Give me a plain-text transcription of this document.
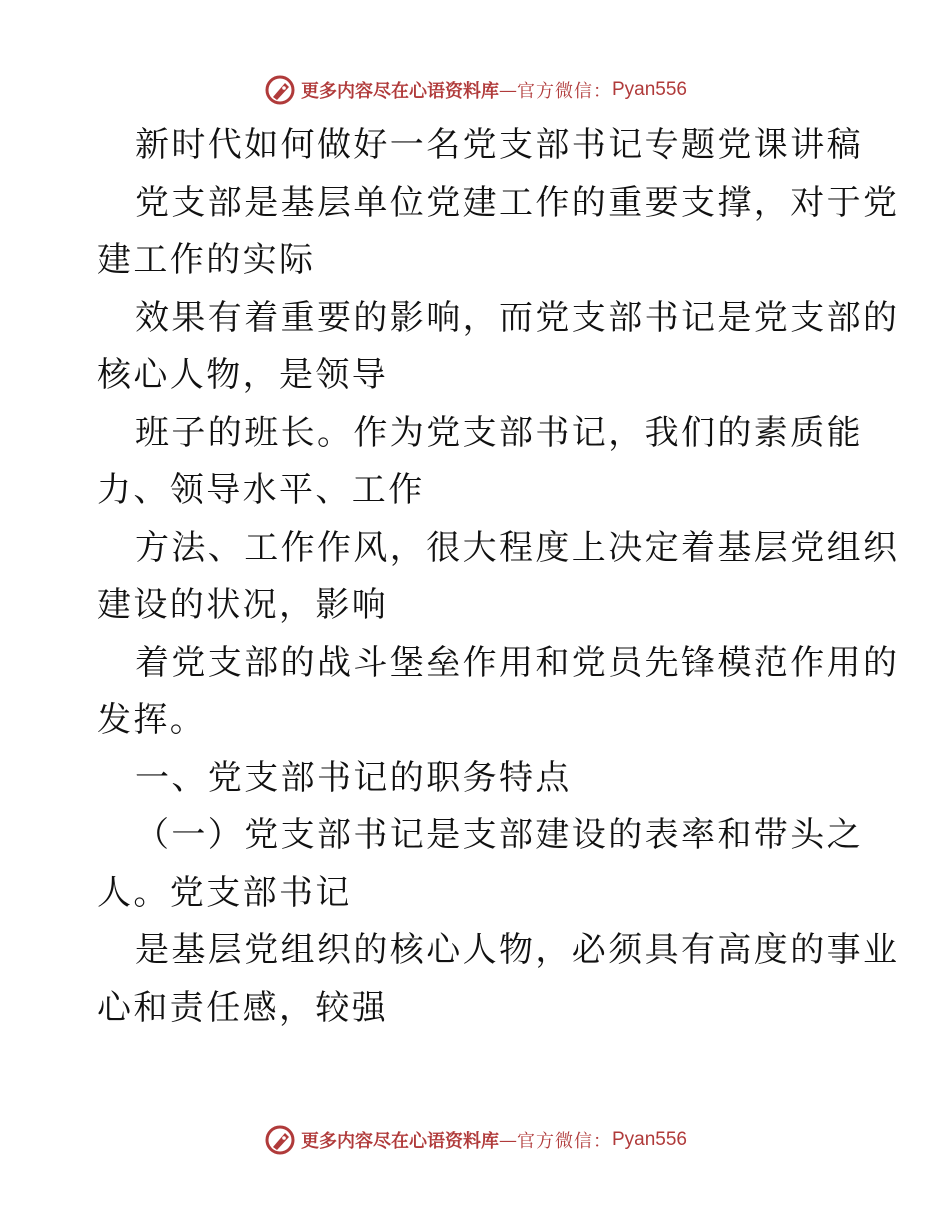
更多内容尽在心语资料库 — 官方微信： Pyan556
新时代如何做好一名党支部书记专题党课讲稿
党支部是基层单位党建工作的重要支撑，对于党
建工作的实际
效果有着重要的影响，而党支部书记是党支部的
核心人物，是领导
班子的班长。作为党支部书记，我们的素质能
力、领导水平、工作
方法、工作作风，很大程度上决定着基层党组织
建设的状况，影响
着党支部的战斗堡垒作用和党员先锋模范作用的
发挥。
一、党支部书记的职务特点
（一）党支部书记是支部建设的表率和带头之
人。党支部书记
是基层党组织的核心人物，必须具有高度的事业
心和责任感，较强
更多内容尽在心语资料库 — 官方微信： Pyan556
